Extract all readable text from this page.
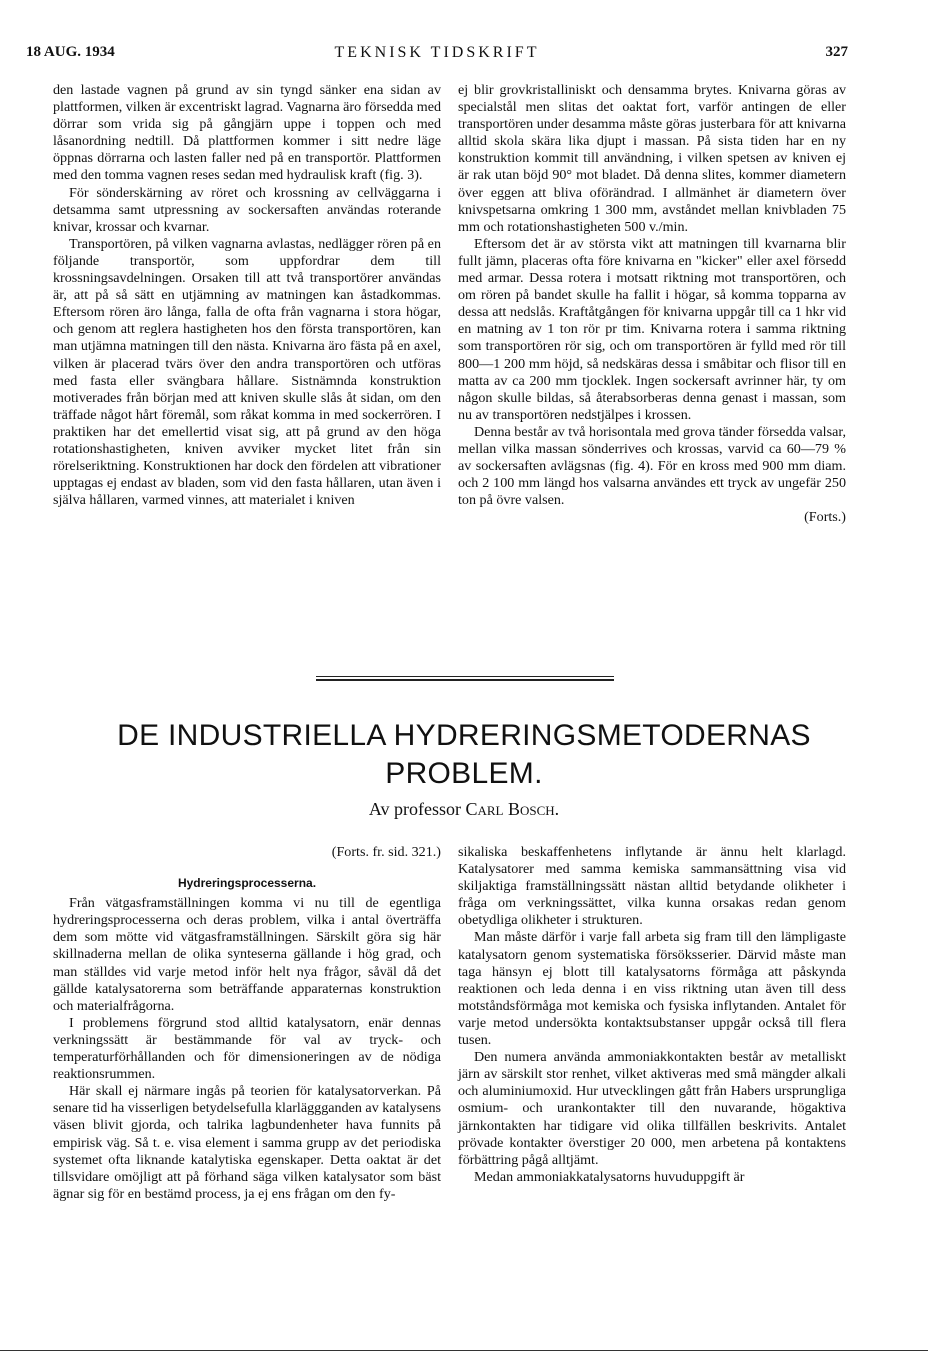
18 AUG. 1934	TEKNISK TIDSKRIFT	327

den lastade vagnen på grund av sin tyngd sänker ena sidan av plattformen, vilken är excentriskt lagrad. Vagnarna äro försedda med dörrar som vrida sig på gångjärn uppe i toppen och med låsanordning nedtill. Då plattformen kommer i sitt nedre läge öppnas dörrarna och lasten faller ned på en transportör. Plattformen med den tomma vagnen reses sedan med hydraulisk kraft (fig. 3).

För sönderskärning av röret och krossning av cellväggarna i detsamma samt utpressning av sockersaften användas roterande knivar, krossar och kvarnar.

Transportören, på vilken vagnarna avlastas, nedlägger rören på en följande transportör, som uppfordrar dem till krossningsavdelningen. Orsaken till att två transportörer användas är, att på så sätt en utjämning av matningen kan åstadkommas. Eftersom rören äro långa, falla de ofta från vagnarna i stora högar, och genom att reglera hastigheten hos den första transportören, kan man utjämna matningen till den nästa. Knivarna äro fästa på en axel, vilken är placerad tvärs över den andra transportören och utföras med fasta eller svängbara hållare. Sistnämnda konstruktion motiverades från början med att kniven skulle slås åt sidan, om den träffade något hårt föremål, som råkat komma in med sockerrören. I praktiken har det emellertid visat sig, att på grund av den höga rotationshastigheten, kniven avviker mycket litet från sin rörelseriktning. Konstruktionen har dock den fördelen att vibrationer upptagas ej endast av bladen, som vid den fasta hållaren, utan även i själva hållaren, varmed vinnes, att materialet i kniven

ej blir grovkristalliniskt och densamma brytes. Knivarna göras av specialstål men slitas det oaktat fort, varför antingen de eller transportören under desamma måste göras justerbara för att knivarna alltid skola skära lika djupt i massan. På sista tiden har en ny konstruktion kommit till användning, i vilken spetsen av kniven ej är rak utan böjd 90° mot bladet. Då denna slites, kommer diametern över eggen att bliva oförändrad. I allmänhet är diametern över knivspetsarna omkring 1 300 mm, avståndet mellan knivbladen 75 mm och rotationshastigheten 500 v./min.

Eftersom det är av största vikt att matningen till kvarnarna blir fullt jämn, placeras ofta före knivarna en "kicker" eller axel försedd med armar. Dessa rotera i motsatt riktning mot transportören, och om rören på bandet skulle ha fallit i högar, så komma topparna av dessa att nedslås. Kraftåtgången för knivarna uppgår till ca 1 hkr vid en matning av 1 ton rör pr tim. Knivarna rotera i samma riktning som transportören rör sig, och om transportören är fylld med rör till 800—1 200 mm höjd, så nedskäras dessa i småbitar och flisor till en matta av ca 200 mm tjocklek. Ingen sockersaft avrinner här, ty om någon skulle bildas, så återabsorberas denna genast i massan, som nu av transportören nedstjälpes i krossen.

Denna består av två horisontala med grova tänder försedda valsar, mellan vilka massan sönderrives och krossas, varvid ca 60—79 % av sockersaften avlägsnas (fig. 4). För en kross med 900 mm diam. och 2 100 mm längd hos valsarna användes ett tryck av ungefär 250 ton på övre valsen.

(Forts.)

DE INDUSTRIELLA HYDRERINGSMETODERNAS PROBLEM.
Av professor Carl Bosch.

(Forts. fr. sid. 321.)

Hydreringsprocesserna.

Från vätgasframställningen komma vi nu till de egentliga hydreringsprocesserna och deras problem, vilka i antal överträffa dem som mötte vid vätgasframställningen. Särskilt göra sig här skillnaderna mellan de olika synteserna gällande i hög grad, och man ställdes vid varje metod inför helt nya frågor, såväl då det gällde katalysatorerna som beträffande apparaternas konstruktion och materialfrågorna.

I problemens förgrund stod alltid katalysatorn, enär dennas verkningssätt är bestämmande för val av tryck- och temperaturförhållanden och för dimensioneringen av de nödiga reaktionsrummen.

Här skall ej närmare ingås på teorien för katalysatorverkan. På senare tid ha visserligen betydelsefulla klarläggganden av katalysens väsen blivit gjorda, och talrika lagbundenheter hava funnits på empirisk väg. Så t. e. visa element i samma grupp av det periodiska systemet ofta liknande katalytiska egenskaper. Detta oaktat är det tillsvidare omöjligt att på förhand säga vilken katalysator som bäst ägnar sig för en bestämd process, ja ej ens frågan om den fy-

sikaliska beskaffenhetens inflytande är ännu helt klarlagd. Katalysatorer med samma kemiska sammansättning visa vid skiljaktiga framställningssätt nästan alltid betydande olikheter i fråga om verkningssättet, vilka kunna orsakas redan genom obetydliga olikheter i strukturen.

Man måste därför i varje fall arbeta sig fram till den lämpligaste katalysatorn genom systematiska försöksserier. Därvid måste man taga hänsyn ej blott till katalysatorns förmåga att påskynda reaktionen och leda denna i en viss riktning utan även till dess motståndsförmåga mot kemiska och fysiska inflytanden. Antalet för varje metod undersökta kontaktsubstanser uppgår också till flera tusen.

Den numera använda ammoniakkontakten består av metalliskt järn av särskilt stor renhet, vilket aktiveras med små mängder alkali och aluminiumoxid. Hur utvecklingen gått från Habers ursprungliga osmium- och urankontakter till den nuvarande, högaktiva järnkontakten har tidigare vid olika tillfällen beskrivits. Antalet prövade kontakter överstiger 20 000, men arbetena på kontaktens förbättring pågå alltjämt.

Medan ammoniakkatalysatorns huvuduppgift är
